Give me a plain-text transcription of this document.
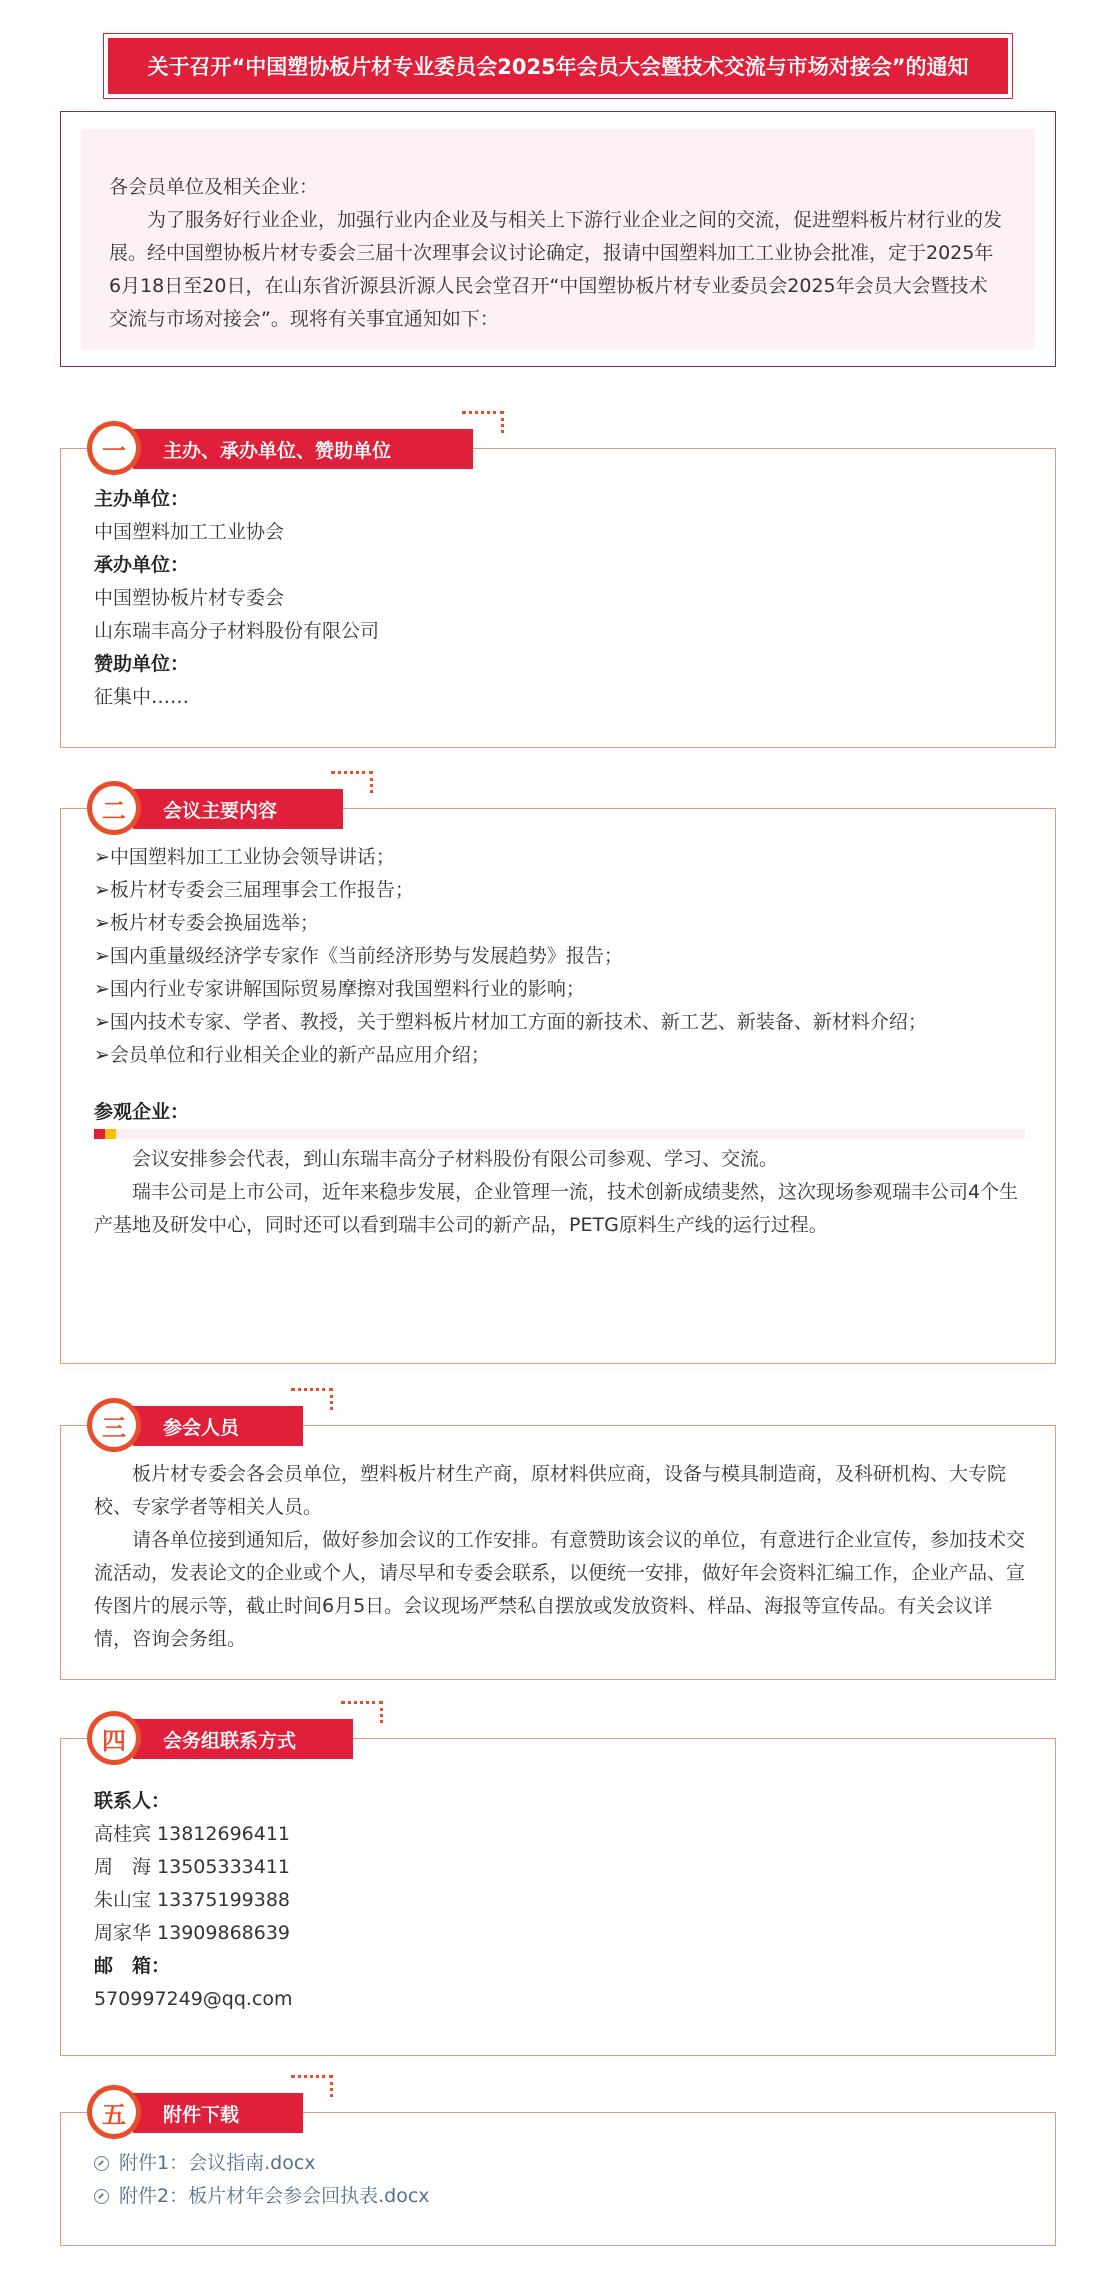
关于召开“中国塑协板片材专业委员会2025年会员大会暨技术交流与市场对接会”的通知

各会员单位及相关企业：

为了服务好行业企业，加强行业内企业及与相关上下游行业企业之间的交流，促进塑料板片材行业的发展。经中国塑协板片材专委会三届十次理事会议讨论确定，报请中国塑料加工工业协会批准，定于2025年6月18日至20日，在山东省沂源县沂源人民会堂召开“中国塑协板片材专业委员会2025年会员大会暨技术交流与市场对接会”。现将有关事宜通知如下：

主办、承办单位、赞助单位
一

主办单位：

中国塑料加工工业协会

承办单位：

中国塑协板片材专委会

山东瑞丰高分子材料股份有限公司

赞助单位：

征集中……

会议主要内容
二

➢中国塑料加工工业协会领导讲话；

➢板片材专委会三届理事会工作报告；

➢板片材专委会换届选举；

➢国内重量级经济学专家作《当前经济形势与发展趋势》报告；

➢国内行业专家讲解国际贸易摩擦对我国塑料行业的影响；

➢国内技术专家、学者、教授，关于塑料板片材加工方面的新技术、新工艺、新装备、新材料介绍；

➢会员单位和行业相关企业的新产品应用介绍；

参观企业：

会议安排参会代表，到山东瑞丰高分子材料股份有限公司参观、学习、交流。

瑞丰公司是上市公司，近年来稳步发展，企业管理一流，技术创新成绩斐然，这次现场参观瑞丰公司4个生产基地及研发中心，同时还可以看到瑞丰公司的新产品，PETG原料生产线的运行过程。

参会人员
三

板片材专委会各会员单位，塑料板片材生产商，原材料供应商，设备与模具制造商，及科研机构、大专院校、专家学者等相关人员。

请各单位接到通知后，做好参加会议的工作安排。有意赞助该会议的单位，有意进行企业宣传，参加技术交流活动，发表论文的企业或个人，请尽早和专委会联系，以便统一安排，做好年会资料汇编工作，企业产品、宣传图片的展示等，截止时间6月5日。会议现场严禁私自摆放或发放资料、样品、海报等宣传品。有关会议详情，咨询会务组。

会务组联系方式
四

联系人：

高桂宾 13812696411

周　海 13505333411

朱山宝 13375199388

周家华 13909868639

邮　箱：

570997249@qq.com

附件下载
五
附件1：会议指南.docx
附件2：板片材年会参会回执表.docx
